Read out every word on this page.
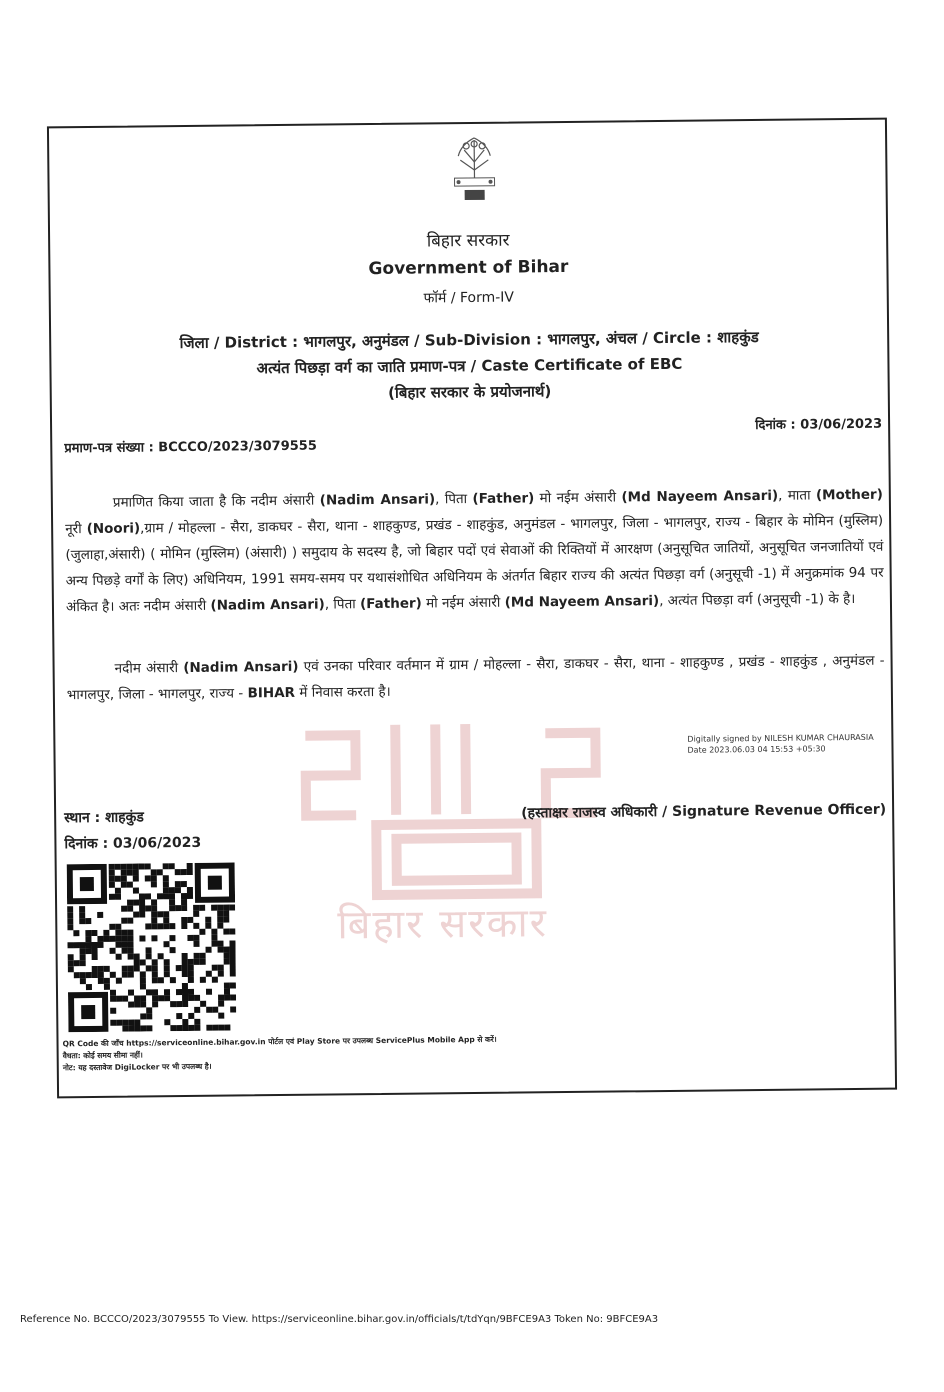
बिहार सरकार
Government of Bihar
फॉर्म / Form-IV
जिला / District : भागलपुर, अनुमंडल / Sub-Division : भागलपुर, अंचल / Circle : शाहकुंड
अत्यंत पिछड़ा वर्ग का जाति प्रमाण-पत्र / Caste Certificate of EBC
(बिहार सरकार के प्रयोजनार्थ)
दिनांक : 03/06/2023
प्रमाण-पत्र संख्या : BCCCO/2023/3079555
बिहार सरकार
प्रमाणित किया जाता है कि नदीम अंसारी (Nadim Ansari), पिता (Father) मो नईम अंसारी (Md Nayeem Ansari), माता (Mother) नूरी (Noori),ग्राम / मोहल्ला - सैरा, डाकघर - सैरा, थाना - शाहकुण्ड, प्रखंड - शाहकुंड, अनुमंडल - भागलपुर, जिला - भागलपुर, राज्य - बिहार के मोमिन (मुस्लिम) (जुलाहा,अंसारी) ( मोमिन (मुस्लिम) (अंसारी) ) समुदाय के सदस्य है, जो बिहार पदों एवं सेवाओं की रिक्तियों में आरक्षण (अनुसूचित जातियों, अनुसूचित जनजातियों एवं अन्य पिछड़े वर्गों के लिए) अधिनियम, 1991 समय-समय पर यथासंशोधित अधिनियम के अंतर्गत बिहार राज्य की अत्यंत पिछड़ा वर्ग (अनुसूची -1) में अनुक्रमांक 94 पर अंकित है। अतः नदीम अंसारी (Nadim Ansari), पिता (Father) मो नईम अंसारी (Md Nayeem Ansari), अत्यंत पिछड़ा वर्ग (अनुसूची -1) के है।
नदीम अंसारी (Nadim Ansari) एवं उनका परिवार वर्तमान में ग्राम / मोहल्ला - सैरा, डाकघर - सैरा, थाना - शाहकुण्ड , प्रखंड - शाहकुंड , अनुमंडल - भागलपुर, जिला - भागलपुर, राज्य - BIHAR में निवास करता है।
Digitally signed by NILESH KUMAR CHAURASIA
Date 2023.06.03 04 15:53 +05:30
स्थान : शाहकुंड
दिनांक : 03/06/2023
(हस्ताक्षर राजस्व अधिकारी / Signature Revenue Officer)
QR Code की जाँच https://serviceonline.bihar.gov.in पोर्टल एवं Play Store पर उपलब्ध ServicePlus Mobile App से करें।
वैधता: कोई समय सीमा नहीं।
नोट: यह दस्तावेज DigiLocker पर भी उपलब्ध है।
Reference No. BCCCO/2023/3079555 To View. https://serviceonline.bihar.gov.in/officials/t/tdYqn/9BFCE9A3 Token No: 9BFCE9A3
